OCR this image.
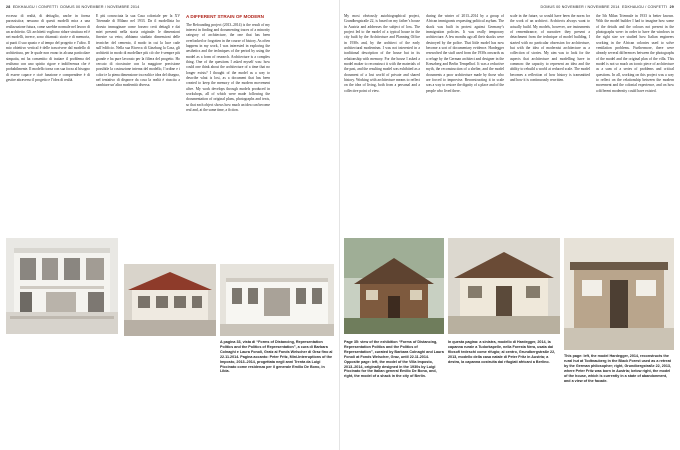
28 EDKHAUGU / CONFETTI DOMUS 00 NOVEMBER / NOVEMBRE 2014	DOMUS 00 NOVEMBER / NOVEMBRE 2014 EDKHAUGU / CONFETTI 29

eccesso di realtà, di dettaglio, anche in forma parossistica; nessuno di questi modelli mira a una realizzazione futura, come sarebbe normale nel lavoro di un architetto. Gli architetti vogliono ridare struttura ed è nei modelli, invece, sono chiamati: storie e di memoria, ai puoti il suo spazio e al tempo del progetto e l’altro. Il mio obiettivo vertical è delle trascrivere dal modello di architettura, per le quale non erano in alcuna particolare simpatia, mi ha consentito di trattare il problema del realismo con uno spirito rigore e indifferenza che è probabilmente. Il modello torna con sua forza al bisogno di essere capace e cioè funzione e comprendere è di gestire attraverso il progetto e l’idea di realtà.

È più conosciuta la sua Casa coloniale per la XV Triennale di Milano nel 1933. Da il modellista ho dovuto immaginare come fossero certi dettagli e dai miei presenti nella storia originale: le dimensioni finestre su vetro, abbiamo studiato dimensioni delle tecniche: del cemento, il modo in cui la luce cade sull’edificio. Nella sua Ricerca di Ginzburg la Casa, gli architetti in modo di modellare più ciò che è sempre più grande e ha pure lavorato per la filiera del progetto. Ho cercato di ricostruire con la maggiore precisione possibile la costruzione interna del modello, l’ordine e i colori e la piena dimensione tra realtà e idea del disegno, nel tentativo di disporre da cosa la realtà è riuscita a cambiare un’altra modernità diversa.

A DIFFERENT STRAIN OF MODERN

The Refounding project (2013–2014) is the result of my interest in finding and documenting traces of a minority category of architecture, the one that has been overlooked or forgotten in the course of history. As often happens in my work, I was interested in exploring the aesthetics and the techniques of the period by using the model as a form of research. Architecture is a complex thing. One of the questions I asked myself was: how could one think about the architecture of a time that no longer exists? I thought of the model as a way to describe what is lost, as a document that has been created to keep the memory of the modern movement alive. My work develops through models produced in workshops, all of which were made following the documentation of original plans, photographs and texts, so that each object shows how much an idea can become real and, at the same time, a fiction.

My most obviously autobiographical project, Grundbergstraße 22, is based on my father’s house in Austria and addresses the subject of loss. The project led to the model of a typical house in the city built by the Architecture and Planning Office in 1930s and, by the architect of the early architectural modernism. I was not interested in a traditional description of the house but in its relationship with memory. For the house I asked a model maker to reconstruct it with the materials of the past, and the resulting model was exhibited as a document of a lost world of private and shared history. Working with architecture means to reflect on the idea of living, both from a personal and a collective point of view.

during the winter of 2013–2014 by a group of African immigrants requesting political asylum. The shack was built in protest against Germany’s immigration policies. It was really temporary architecture. A few months ago all their shacks were destroyed by the police. That little model has now become a sort of documentary evidence. Hardegger researched the stuff used from the 1930s onwards as a refuge by the German architect and designer in the Kreuzberg and Berlin Tempelhof. It was a reductive myth, the reconstruction of a shelter, and the model documents a poor architecture made by those who are forced to improvise. Reconstructing it in scale was a way to restore the dignity of a place and of the people who lived there.

scale in the future, so would have been the norm for the work of an architect. Architects always want to actually build. My models, however, are instruments of remembrance, of narrative: they present a detachment from the technique of model building. I started with no particular obsession for architecture, but with the idea of modernist architecture as a collection of stories. My aim was to look for the aspects that architecture and modelling have in common: the capacity to represent an idea and the ability to rebuild a world at reduced scale. The model becomes a reflection of how history is transmitted and how it is continuously rewritten.

the 5th Milan Triennale in 1933 is better known. With the model builder I had to imagine how some of the details and the colours not present in the photographs were: in order to have the windows in the right size we studied how Italian engineers working in the African colonies used to solve ventilation problems. Furthermore, there were already several differences between the photographs of the model and the original plan of the villa. This model is not so much an iconic piece of architecture as a sum of a series of problems and critical questions. In all, working on this project was a way to reflect on the relationship between the modern movement and the colonial experience, and on how a different modernity could have existed.

A pagina 33, vista di “Forms of Distancing, Representation Politics and the Politics of Representation”, a cura di Barbara Colnaghi e Laura Fonoli, Gratz ai Fonds Welscher di Graz fino al 22.11.2014. Pagina accanto: Peter Fritz, Mini-Interruptions of the Imposto, 2013–2014, progettata negli anni Trenta da Luigi Piccinato come residenza per il generale Emilio De Bono, in Libia.
Page 35: view of the exhibition “Forms of Distancing, Representation Politics and the Politics of Representation”, curated by Barbara Colnaghi and Laura Fonoli at Fonds Welscher, Graz, until 22.11.2014. Opposite page: left, the model of the Villa Imposto, 2013–2014, originally designed in the 1930s by Luigi Piccinato for the Italian general Emilio De Bono, and, right, the model of a shack in the city of Berlin.
In questa pagina: a sinistra, modello di Hardegger, 2014, la capanna rurale a Tudorkapelle, nella Foresta Nera, usata dai filosofi tedeschi come rifugio; al centro, Grundbergstraße 22, 2013, modello della casa natale di Peter Fritz in Austria; a destra, la capanna costruita dai rifugiati africani a Berlino.
This page: left, the model Hardegger, 2014, reconstructs the rural hut at Todtnauberg in the Black Forest used as a retreat by the German philosopher; right, Grundbergstraße 22, 2013, where Peter Fritz was born in Austria; below right, the model of the house, which is currently in a state of abandonment, and a view of the facade.
